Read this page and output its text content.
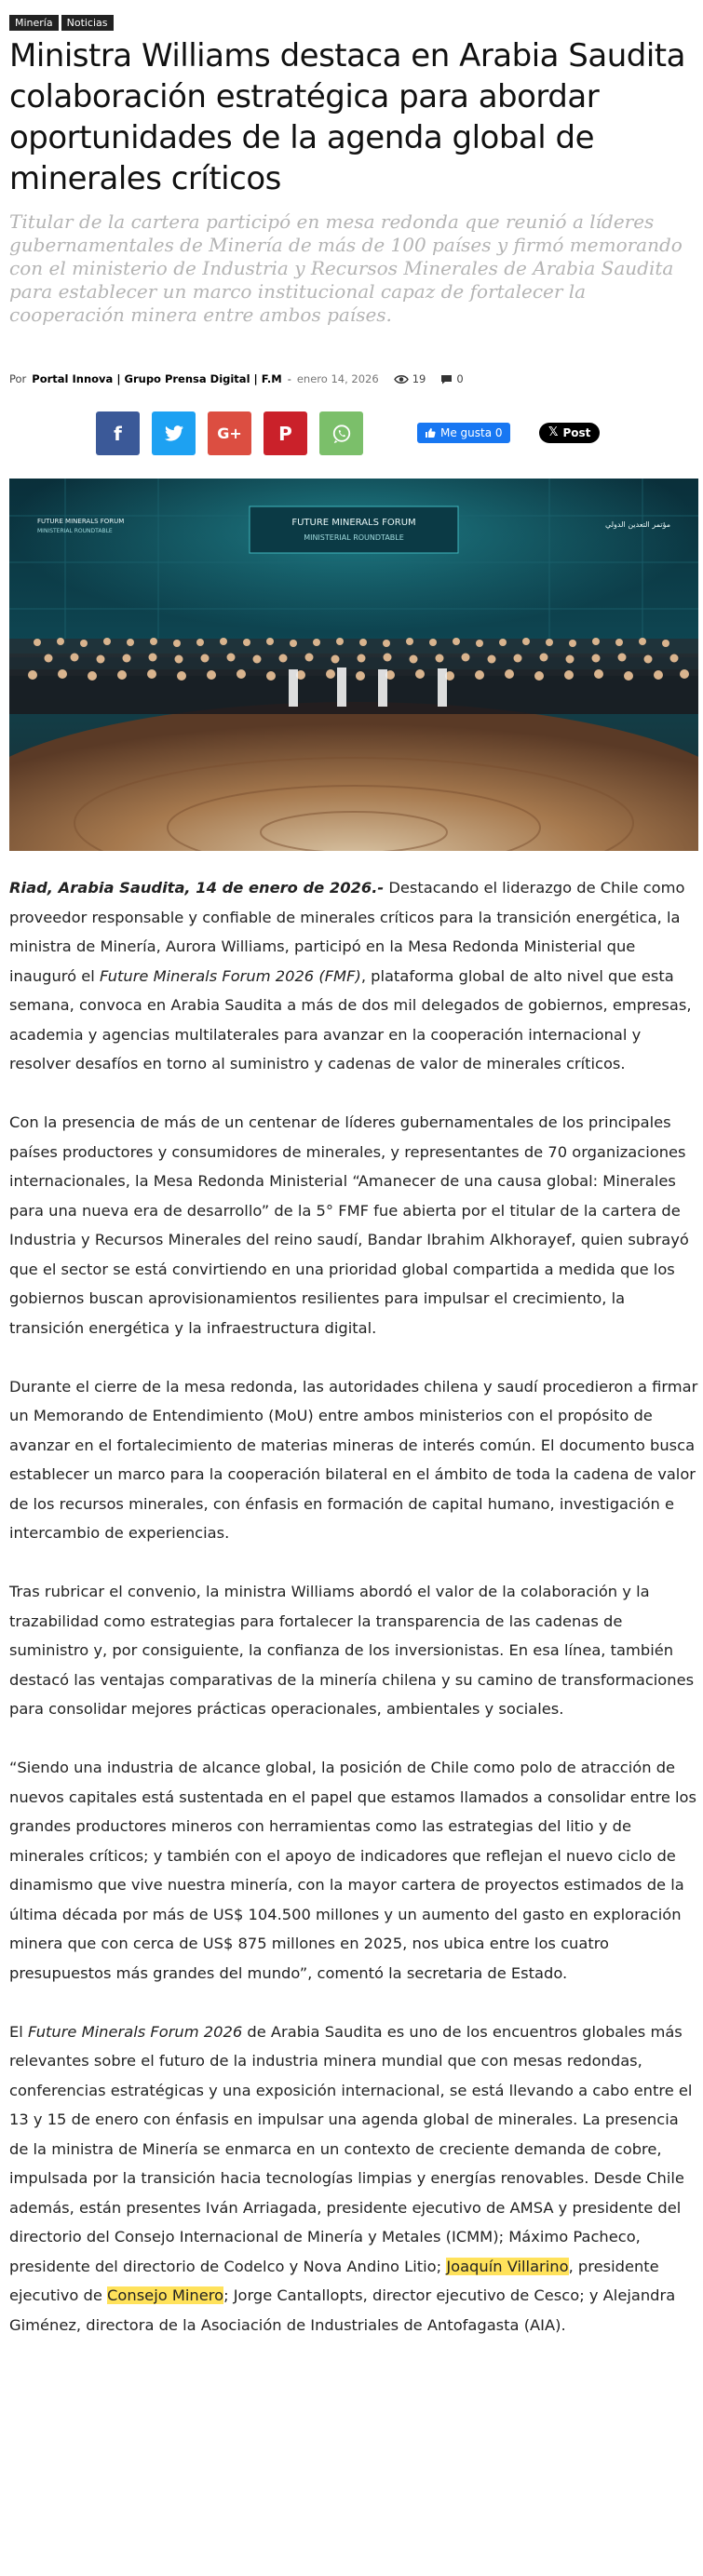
Minería	Noticias
Ministra Williams destaca en Arabia Saudita colaboración estratégica para abordar oportunidades de la agenda global de minerales críticos

Titular de la cartera participó en mesa redonda que reunió a líderes gubernamentales de Minería de más de 100 países y firmó memorando con el ministerio de Industria y Recursos Minerales de Arabia Saudita para establecer un marco institucional capaz de fortalecer la cooperación minera entre ambos países.

Por Portal Innova | Grupo Prensa Digital | F.M - enero 14, 2026	19	0
f	G+ P	Me gusta 0	𝕏 Post
FUTURE MINERALS FORUM
MINISTERIAL ROUNDTABLE
FUTURE MINERALS FORUM
MINISTERIAL ROUNDTABLE
مؤتمر التعدين الدولي

Riad, Arabia Saudita, 14 de enero de 2026.- Destacando el liderazgo de Chile como proveedor responsable y confiable de minerales críticos para la transición energética, la ministra de Minería, Aurora Williams, participó en la Mesa Redonda Ministerial que inauguró el Future Minerals Forum 2026 (FMF), plataforma global de alto nivel que esta semana, convoca en Arabia Saudita a más de dos mil delegados de gobiernos, empresas, academia y agencias multilaterales para avanzar en la cooperación internacional y resolver desafíos en torno al suministro y cadenas de valor de minerales críticos.

Con la presencia de más de un centenar de líderes gubernamentales de los principales países productores y consumidores de minerales, y representantes de 70 organizaciones internacionales, la Mesa Redonda Ministerial “Amanecer de una causa global: Minerales para una nueva era de desarrollo” de la 5° FMF fue abierta por el titular de la cartera de Industria y Recursos Minerales del reino saudí, Bandar Ibrahim Alkhorayef, quien subrayó que el sector se está convirtiendo en una prioridad global compartida a medida que los gobiernos buscan aprovisionamientos resilientes para impulsar el crecimiento, la transición energética y la infraestructura digital.

Durante el cierre de la mesa redonda, las autoridades chilena y saudí procedieron a firmar un Memorando de Entendimiento (MoU) entre ambos ministerios con el propósito de avanzar en el fortalecimiento de materias mineras de interés común. El documento busca establecer un marco para la cooperación bilateral en el ámbito de toda la cadena de valor de los recursos minerales, con énfasis en formación de capital humano, investigación e intercambio de experiencias.

Tras rubricar el convenio, la ministra Williams abordó el valor de la colaboración y la trazabilidad como estrategias para fortalecer la transparencia de las cadenas de suministro y, por consiguiente, la confianza de los inversionistas. En esa línea, también destacó las ventajas comparativas de la minería chilena y su camino de transformaciones para consolidar mejores prácticas operacionales, ambientales y sociales.

“Siendo una industria de alcance global, la posición de Chile como polo de atracción de nuevos capitales está sustentada en el papel que estamos llamados a consolidar entre los grandes productores mineros con herramientas como las estrategias del litio y de minerales críticos; y también con el apoyo de indicadores que reflejan el nuevo ciclo de dinamismo que vive nuestra minería, con la mayor cartera de proyectos estimados de la última década por más de US$ 104.500 millones y un aumento del gasto en exploración minera que con cerca de US$ 875 millones en 2025, nos ubica entre los cuatro presupuestos más grandes del mundo”, comentó la secretaria de Estado.

El Future Minerals Forum 2026 de Arabia Saudita es uno de los encuentros globales más relevantes sobre el futuro de la industria minera mundial que con mesas redondas, conferencias estratégicas y una exposición internacional, se está llevando a cabo entre el 13 y 15 de enero con énfasis en impulsar una agenda global de minerales. La presencia de la ministra de Minería se enmarca en un contexto de creciente demanda de cobre, impulsada por la transición hacia tecnologías limpias y energías renovables. Desde Chile además, están presentes Iván Arriagada, presidente ejecutivo de AMSA y presidente del directorio del Consejo Internacional de Minería y Metales (ICMM); Máximo Pacheco, presidente del directorio de Codelco y Nova Andino Litio; Joaquín Villarino, presidente ejecutivo de Consejo Minero; Jorge Cantallopts, director ejecutivo de Cesco; y Alejandra Giménez, directora de la Asociación de Industriales de Antofagasta (AIA).
